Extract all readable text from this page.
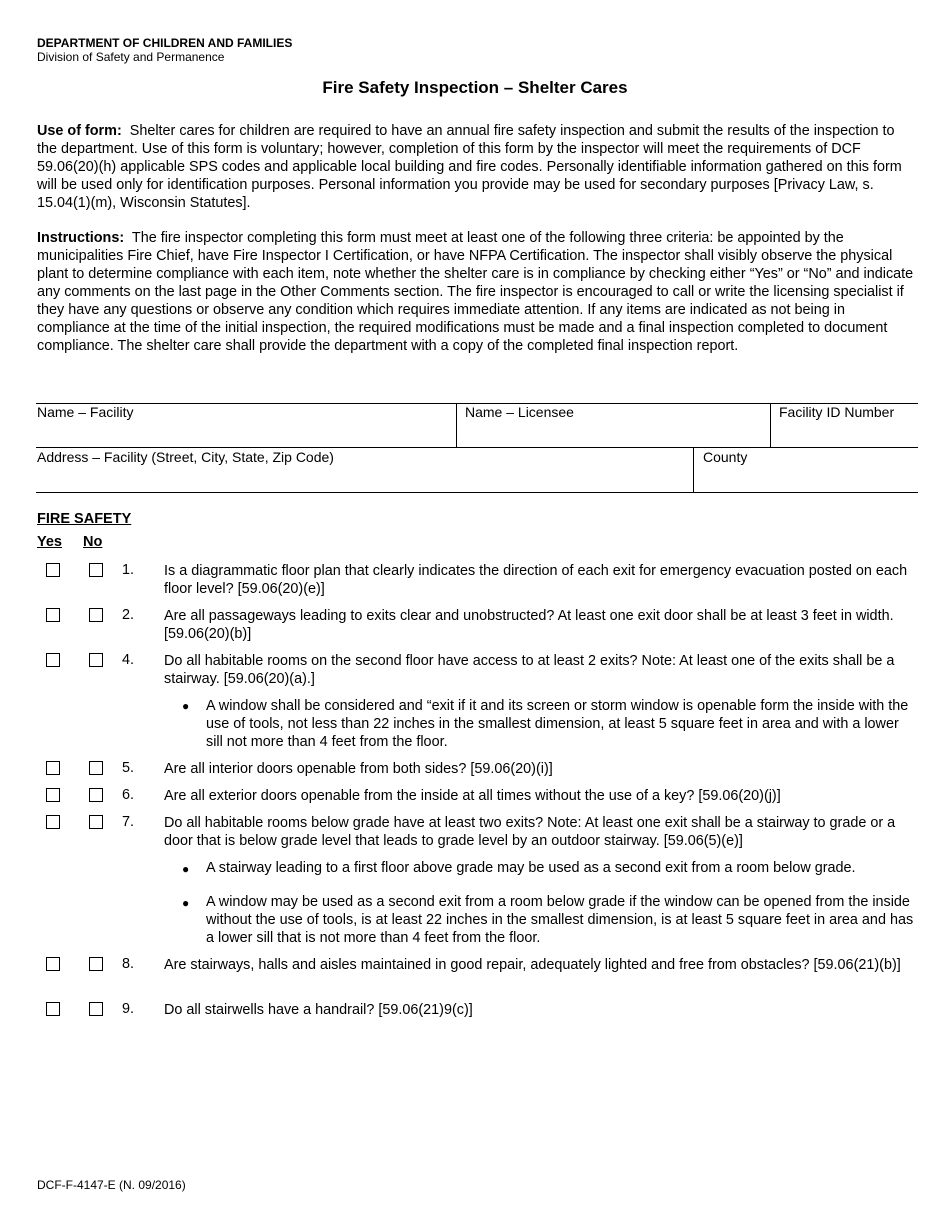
DEPARTMENT OF CHILDREN AND FAMILIES
Division of Safety and Permanence
Fire Safety Inspection – Shelter Cares
Use of form: Shelter cares for children are required to have an annual fire safety inspection and submit the results of the inspection to the department. Use of this form is voluntary; however, completion of this form by the inspector will meet the requirements of DCF 59.06(20)(h) applicable SPS codes and applicable local building and fire codes. Personally identifiable information gathered on this form will be used only for identification purposes. Personal information you provide may be used for secondary purposes [Privacy Law, s. 15.04(1)(m), Wisconsin Statutes].
Instructions: The fire inspector completing this form must meet at least one of the following three criteria: be appointed by the municipalities Fire Chief, have Fire Inspector I Certification, or have NFPA Certification. The inspector shall visibly observe the physical plant to determine compliance with each item, note whether the shelter care is in compliance by checking either “Yes” or “No” and indicate any comments on the last page in the Other Comments section. The fire inspector is encouraged to call or write the licensing specialist if they have any questions or observe any condition which requires immediate attention. If any items are indicated as not being in compliance at the time of the initial inspection, the required modifications must be made and a final inspection completed to document compliance. The shelter care shall provide the department with a copy of the completed final inspection report.
Name – Facility	Name – Licensee	Facility ID Number
Address – Facility (Street, City, State, Zip Code)	County
FIRE SAFETY
Yes No
1. Is a diagrammatic floor plan that clearly indicates the direction of each exit for emergency evacuation posted on each floor level? [59.06(20)(e)]
2. Are all passageways leading to exits clear and unobstructed? At least one exit door shall be at least 3 feet in width. [59.06(20)(b)]
4. Do all habitable rooms on the second floor have access to at least 2 exits? Note: At least one of the exits shall be a stairway. [59.06(20)(a).]
● A window shall be considered and “exit if it and its screen or storm window is openable form the inside with the use of tools, not less than 22 inches in the smallest dimension, at least 5 square feet in area and with a lower sill not more than 4 feet from the floor.
5. Are all interior doors openable from both sides? [59.06(20)(i)]
6. Are all exterior doors openable from the inside at all times without the use of a key? [59.06(20)(j)]
7. Do all habitable rooms below grade have at least two exits? Note: At least one exit shall be a stairway to grade or a door that is below grade level that leads to grade level by an outdoor stairway. [59.06(5)(e)]
● A stairway leading to a first floor above grade may be used as a second exit from a room below grade.
● A window may be used as a second exit from a room below grade if the window can be opened from the inside without the use of tools, is at least 22 inches in the smallest dimension, is at least 5 square feet in area and has a lower sill that is not more than 4 feet from the floor.
8. Are stairways, halls and aisles maintained in good repair, adequately lighted and free from obstacles? [59.06(21)(b)]
9. Do all stairwells have a handrail? [59.06(21)9(c)]
DCF-F-4147-E (N. 09/2016)
